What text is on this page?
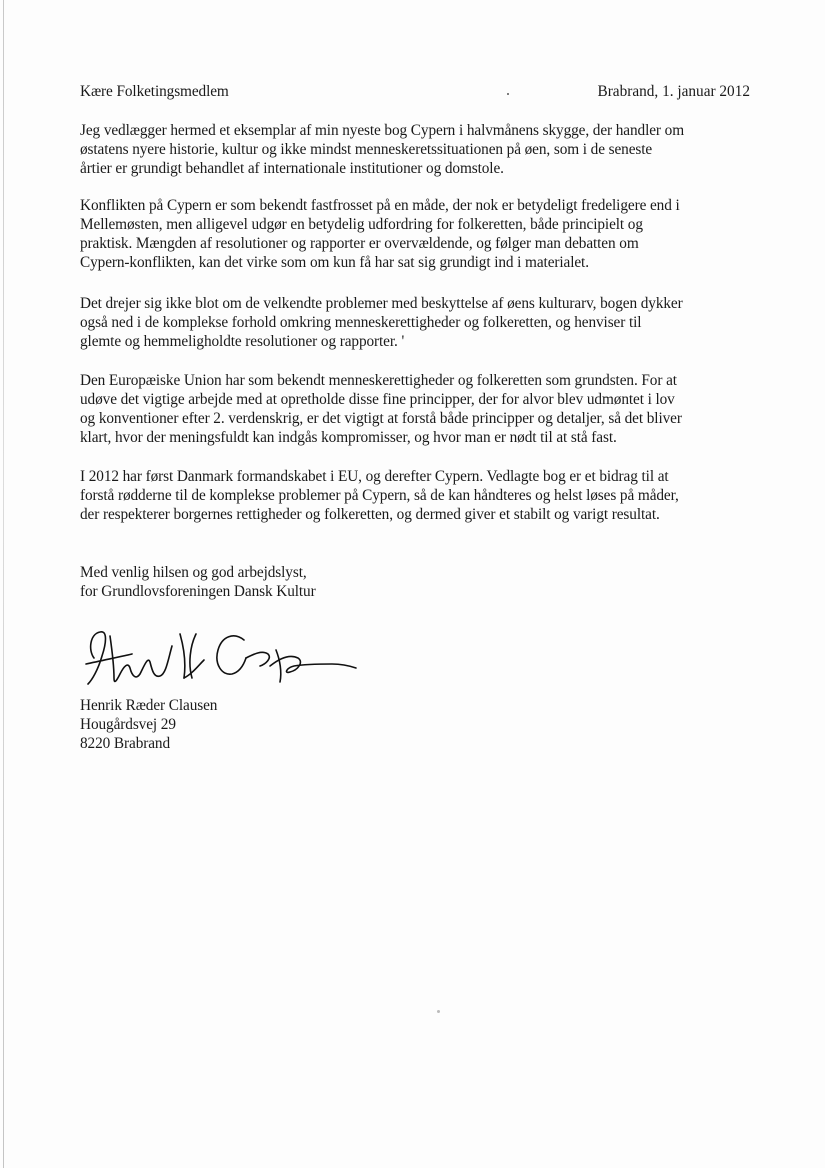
Kære Folketingsmedlem	Brabrand, 1. januar 2012
Jeg vedlægger hermed et eksemplar af min nyeste bog Cypern i halvmånens skygge, der handler om
østatens nyere historie, kultur og ikke mindst menneskeretssituationen på øen, som i de seneste
årtier er grundigt behandlet af internationale institutioner og domstole.
Konflikten på Cypern er som bekendt fastfrosset på en måde, der nok er betydeligt fredeligere end i
Mellemøsten, men alligevel udgør en betydelig udfordring for folkeretten, både principielt og
praktisk. Mængden af resolutioner og rapporter er overvældende, og følger man debatten om
Cypern-konflikten, kan det virke som om kun få har sat sig grundigt ind i materialet.
Det drejer sig ikke blot om de velkendte problemer med beskyttelse af øens kulturarv, bogen dykker
også ned i de komplekse forhold omkring menneskerettigheder og folkeretten, og henviser til
glemte og hemmeligholdte resolutioner og rapporter. '
Den Europæiske Union har som bekendt menneskerettigheder og folkeretten som grundsten. For at
udøve det vigtige arbejde med at opretholde disse fine principper, der for alvor blev udmøntet i lov
og konventioner efter 2. verdenskrig, er det vigtigt at forstå både principper og detaljer, så det bliver
klart, hvor der meningsfuldt kan indgås kompromisser, og hvor man er nødt til at stå fast.
I 2012 har først Danmark formandskabet i EU, og derefter Cypern. Vedlagte bog er et bidrag til at
forstå rødderne til de komplekse problemer på Cypern, så de kan håndteres og helst løses på måder,
der respekterer borgernes rettigheder og folkeretten, og dermed giver et stabilt og varigt resultat.
Med venlig hilsen og god arbejdslyst,
for Grundlovsforeningen Dansk Kultur
Henrik Ræder Clausen
Hougårdsvej 29
8220 Brabrand
